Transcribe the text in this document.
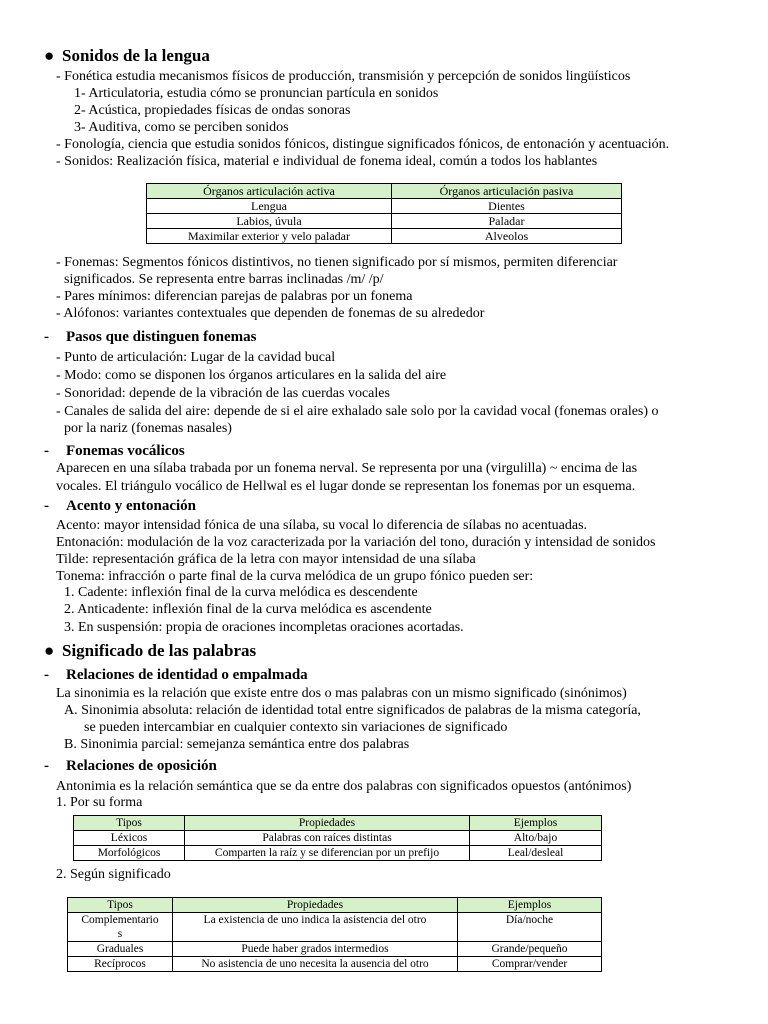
● Sonidos de la lengua
- Fonética estudia mecanismos físicos de producción, transmisión y percepción de sonidos lingüísticos
1- Articulatoria, estudia cómo se pronuncian partícula en sonidos
2- Acústica, propiedades físicas de ondas sonoras
3- Auditiva, como se perciben sonidos
- Fonología, ciencia que estudia sonidos fónicos, distingue significados fónicos, de entonación y acentuación.
- Sonidos: Realización física, material e individual de fonema ideal, común a todos los hablantes
Órganos articulación activa	Órganos articulación pasiva
Lengua	Dientes
Labios, úvula	Paladar
Maximilar exterior y velo paladar	Alveolos
- Fonemas: Segmentos fónicos distintivos, no tienen significado por sí mismos, permiten diferenciar
significados. Se representa entre barras inclinadas /m/ /p/
- Pares mínimos: diferencian parejas de palabras por un fonema
- Alófonos: variantes contextuales que dependen de fonemas de su alrededor
- Pasos que distinguen fonemas
- Punto de articulación: Lugar de la cavidad bucal
- Modo: como se disponen los órganos articulares en la salida del aire
- Sonoridad: depende de la vibración de las cuerdas vocales
- Canales de salida del aire: depende de si el aire exhalado sale solo por la cavidad vocal (fonemas orales) o
por la nariz (fonemas nasales)
- Fonemas vocálicos
Aparecen en una sílaba trabada por un fonema nerval. Se representa por una (virgulilla) ~ encima de las
vocales. El triángulo vocálico de Hellwal es el lugar donde se representan los fonemas por un esquema.
- Acento y entonación
Acento: mayor intensidad fónica de una sílaba, su vocal lo diferencia de sílabas no acentuadas.
Entonación: modulación de la voz caracterizada por la variación del tono, duración y intensidad de sonidos
Tilde: representación gráfica de la letra con mayor intensidad de una sílaba
Tonema: infracción o parte final de la curva melódica de un grupo fónico pueden ser:
1. Cadente: inflexión final de la curva melódica es descendente
2. Anticadente: inflexión final de la curva melódica es ascendente
3. En suspensión: propia de oraciones incompletas oraciones acortadas.
● Significado de las palabras
- Relaciones de identidad o empalmada
La sinonimia es la relación que existe entre dos o mas palabras con un mismo significado (sinónimos)
A. Sinonimia absoluta: relación de identidad total entre significados de palabras de la misma categoría,
se pueden intercambiar en cualquier contexto sin variaciones de significado
B. Sinonimia parcial: semejanza semántica entre dos palabras
- Relaciones de oposición
Antonimia es la relación semántica que se da entre dos palabras con significados opuestos (antónimos)
1. Por su forma
Tipos	Propiedades	Ejemplos
Léxicos	Palabras con raíces distintas	Alto/bajo
Morfológicos	Comparten la raíz y se diferencian por un prefijo	Leal/desleal
2. Según significado
Tipos	Propiedades	Ejemplos
Complementario
s	La existencia de uno indica la asistencia del otro	Día/noche
Graduales	Puede haber grados intermedios	Grande/pequeño
Recíprocos	No asistencia de uno necesita la ausencia del otro	Comprar/vender
